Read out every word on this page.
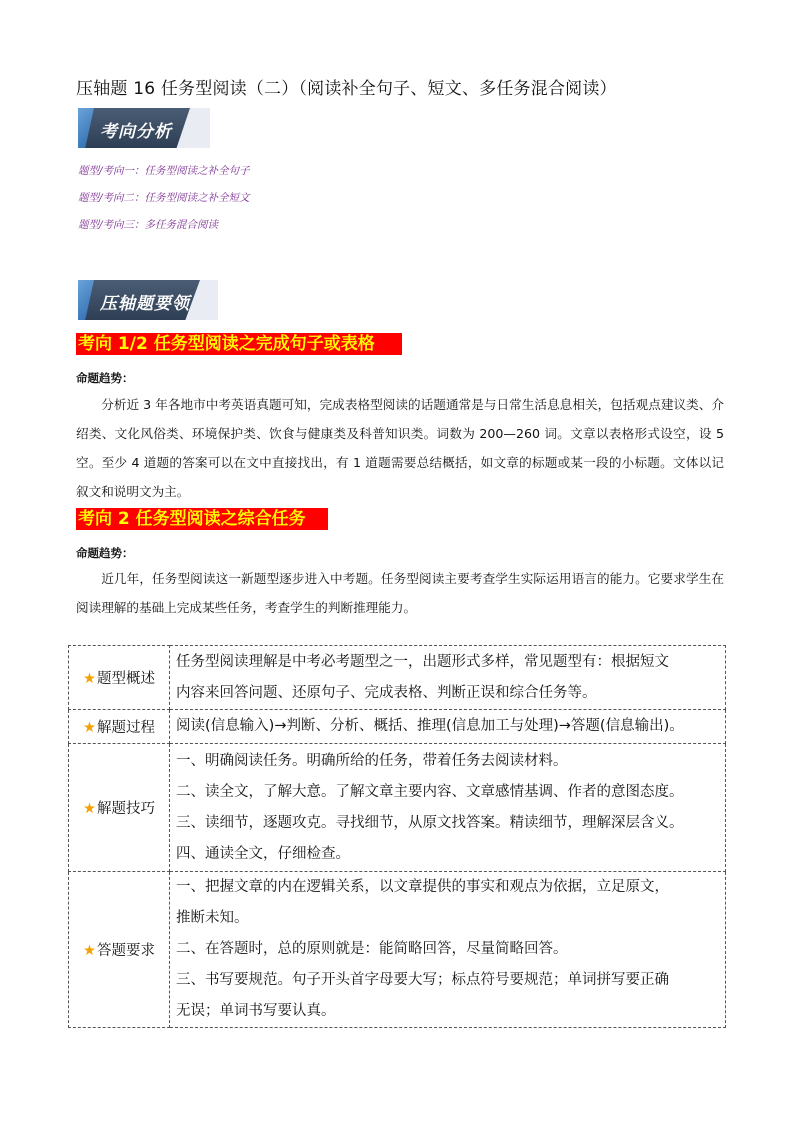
压轴题 16 任务型阅读（二）（阅读补全句子、短文、多任务混合阅读）
考向分析
题型/考向一：任务型阅读之补全句子
题型/考向二：任务型阅读之补全短文
题型/考向三：多任务混合阅读
压轴题要领
考向 1/2 任务型阅读之完成句子或表格
命题趋势：
分析近 3 年各地市中考英语真题可知，完成表格型阅读的话题通常是与日常生活息息相关，包括观点建议类、介绍类、文化风俗类、环境保护类、饮食与健康类及科普知识类。词数为 200—260 词。文章以表格形式设空，设 5 空。至少 4 道题的答案可以在文中直接找出，有 1 道题需要总结概括，如文章的标题或某一段的小标题。文体以记叙文和说明文为主。
考向 2 任务型阅读之综合任务
命题趋势：
近几年，任务型阅读这一新题型逐步进入中考题。任务型阅读主要考查学生实际运用语言的能力。它要求学生在阅读理解的基础上完成某些任务，考查学生的判断推理能力。
★题型概述	任务型阅读理解是中考必考题型之一，出题形式多样，常见题型有：根据短文
内容来回答问题、还原句子、完成表格、判断正误和综合任务等。

★解题过程	阅读(信息输入)→判断、分析、概括、推理(信息加工与处理)→答题(信息输出)。

★解题技巧	一、明确阅读任务。明确所给的任务，带着任务去阅读材料。
二、读全文，了解大意。了解文章主要内容、文章感情基调、作者的意图态度。
三、读细节，逐题攻克。寻找细节，从原文找答案。精读细节，理解深层含义。
四、通读全文，仔细检查。

★答题要求	一、把握文章的内在逻辑关系，以文章提供的事实和观点为依据，立足原文，
推断未知。
二、在答题时，总的原则就是：能简略回答，尽量简略回答。
三、书写要规范。句子开头首字母要大写；标点符号要规范；单词拼写要正确
无误；单词书写要认真。
